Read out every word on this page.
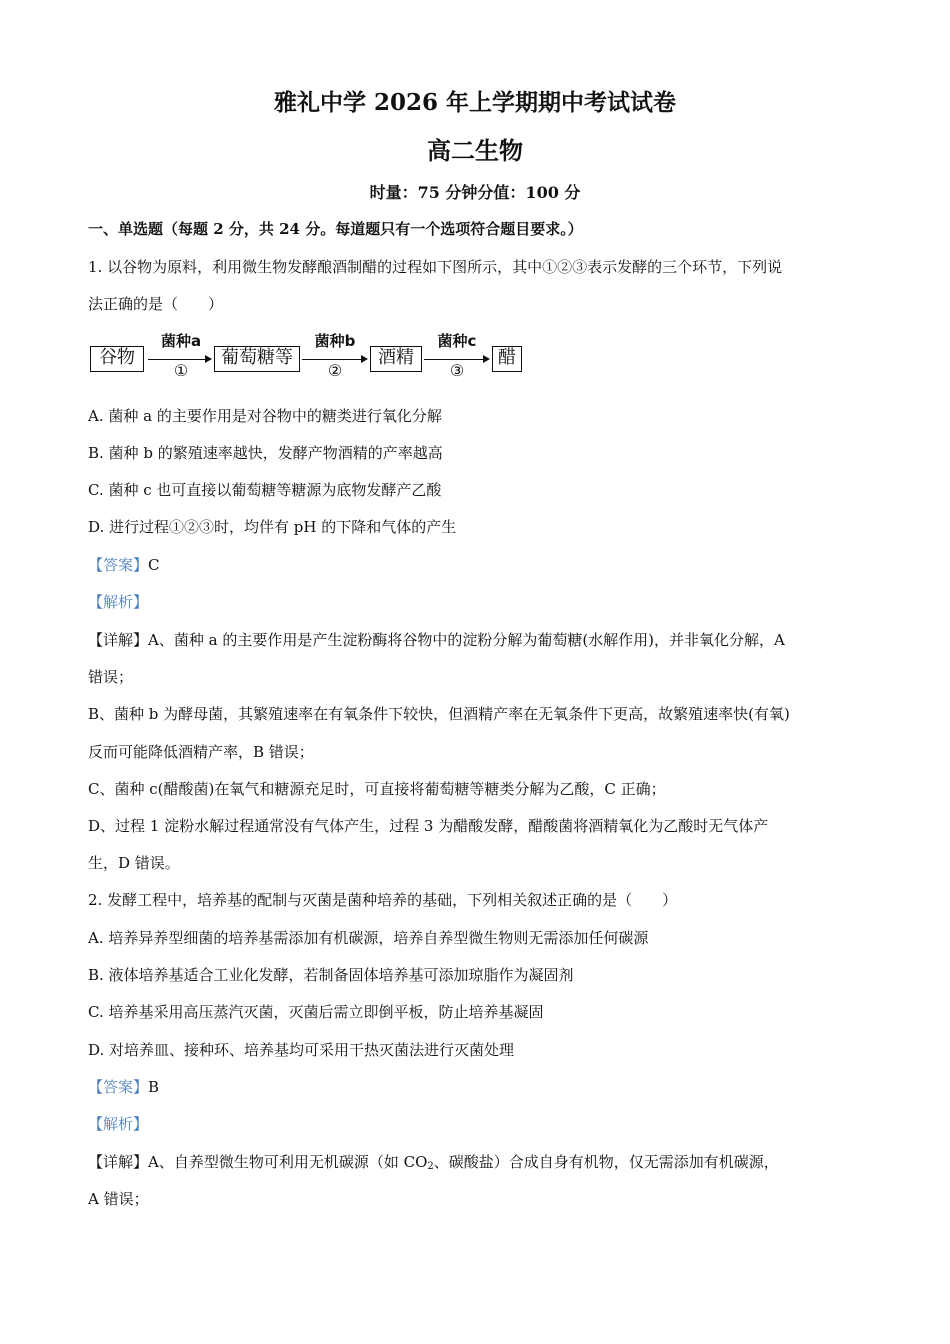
雅礼中学 2026 年上学期期中考试试卷
高二生物
时量：75 分钟分值：100 分
一、单选题（每题 2 分，共 24 分。每道题只有一个选项符合题目要求。）
1. 以谷物为原料，利用微生物发酵酿酒制醋的过程如下图所示，其中①②③表示发酵的三个环节，下列说
法正确的是（　　）
谷物
菌种a
①
葡萄糖等
菌种b
②
酒精
菌种c
③
醋
A. 菌种 a 的主要作用是对谷物中的糖类进行氧化分解
B. 菌种 b 的繁殖速率越快，发酵产物酒精的产率越高
C. 菌种 c 也可直接以葡萄糖等糖源为底物发酵产乙酸
D. 进行过程①②③时，均伴有 pH 的下降和气体的产生
【答案】C
【解析】
【详解】A、菌种 a 的主要作用是产生淀粉酶将谷物中的淀粉分解为葡萄糖(水解作用)，并非氧化分解，A
错误；
B、菌种 b 为酵母菌，其繁殖速率在有氧条件下较快，但酒精产率在无氧条件下更高，故繁殖速率快(有氧)
反而可能降低酒精产率，B 错误；
C、菌种 c(醋酸菌)在氧气和糖源充足时，可直接将葡萄糖等糖类分解为乙酸，C 正确；
D、过程 1 淀粉水解过程通常没有气体产生，过程 3 为醋酸发酵，醋酸菌将酒精氧化为乙酸时无气体产
生，D 错误。
2. 发酵工程中，培养基的配制与灭菌是菌种培养的基础，下列相关叙述正确的是（　　）
A. 培养异养型细菌的培养基需添加有机碳源，培养自养型微生物则无需添加任何碳源
B. 液体培养基适合工业化发酵，若制备固体培养基可添加琼脂作为凝固剂
C. 培养基采用高压蒸汽灭菌，灭菌后需立即倒平板，防止培养基凝固
D. 对培养皿、接种环、培养基均可采用干热灭菌法进行灭菌处理
【答案】B
【解析】
【详解】A、自养型微生物可利用无机碳源（如 $CO_2$、碳酸盐）合成自身有机物，仅无需添加有机碳源，
A 错误；
